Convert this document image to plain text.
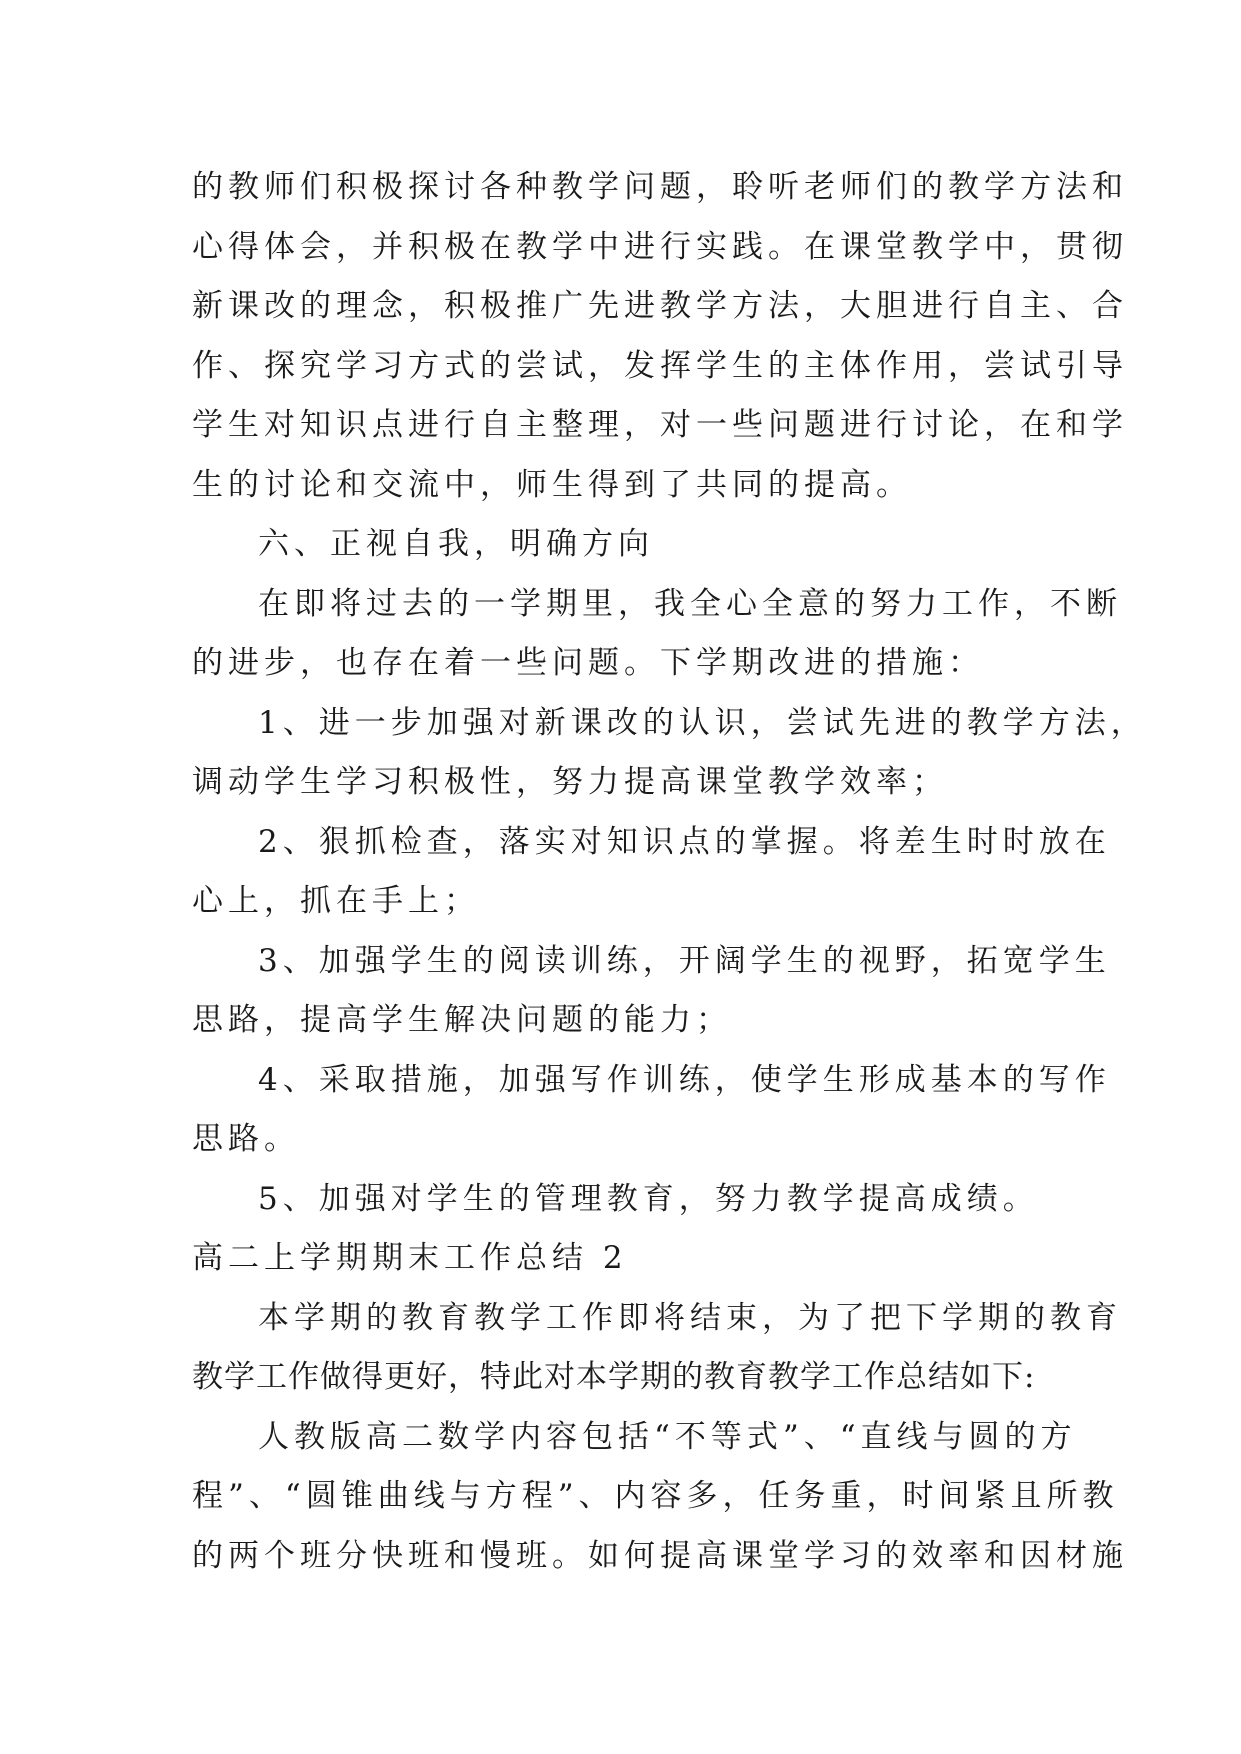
的教师们积极探讨各种教学问题，聆听老师们的教学方法和
心得体会，并积极在教学中进行实践。在课堂教学中，贯彻
新课改的理念，积极推广先进教学方法，大胆进行自主、合
作、探究学习方式的尝试，发挥学生的主体作用，尝试引导
学生对知识点进行自主整理，对一些问题进行讨论，在和学
生的讨论和交流中，师生得到了共同的提高。
六、正视自我，明确方向
在即将过去的一学期里，我全心全意的努力工作，不断
的进步，也存在着一些问题。下学期改进的措施：
1、进一步加强对新课改的认识，尝试先进的教学方法，
调动学生学习积极性，努力提高课堂教学效率；
2、狠抓检查，落实对知识点的掌握。将差生时时放在
心上，抓在手上；
3、加强学生的阅读训练，开阔学生的视野，拓宽学生
思路，提高学生解决问题的能力；
4、采取措施，加强写作训练，使学生形成基本的写作
思路。
5、加强对学生的管理教育，努力教学提高成绩。
高二上学期期末工作总结 2
本学期的教育教学工作即将结束，为了把下学期的教育
教学工作做得更好，特此对本学期的教育教学工作总结如下:
人教版高二数学内容包括“不等式”、“直线与圆的方
程”、“圆锥曲线与方程”、内容多，任务重，时间紧且所教
的两个班分快班和慢班。如何提高课堂学习的效率和因材施
